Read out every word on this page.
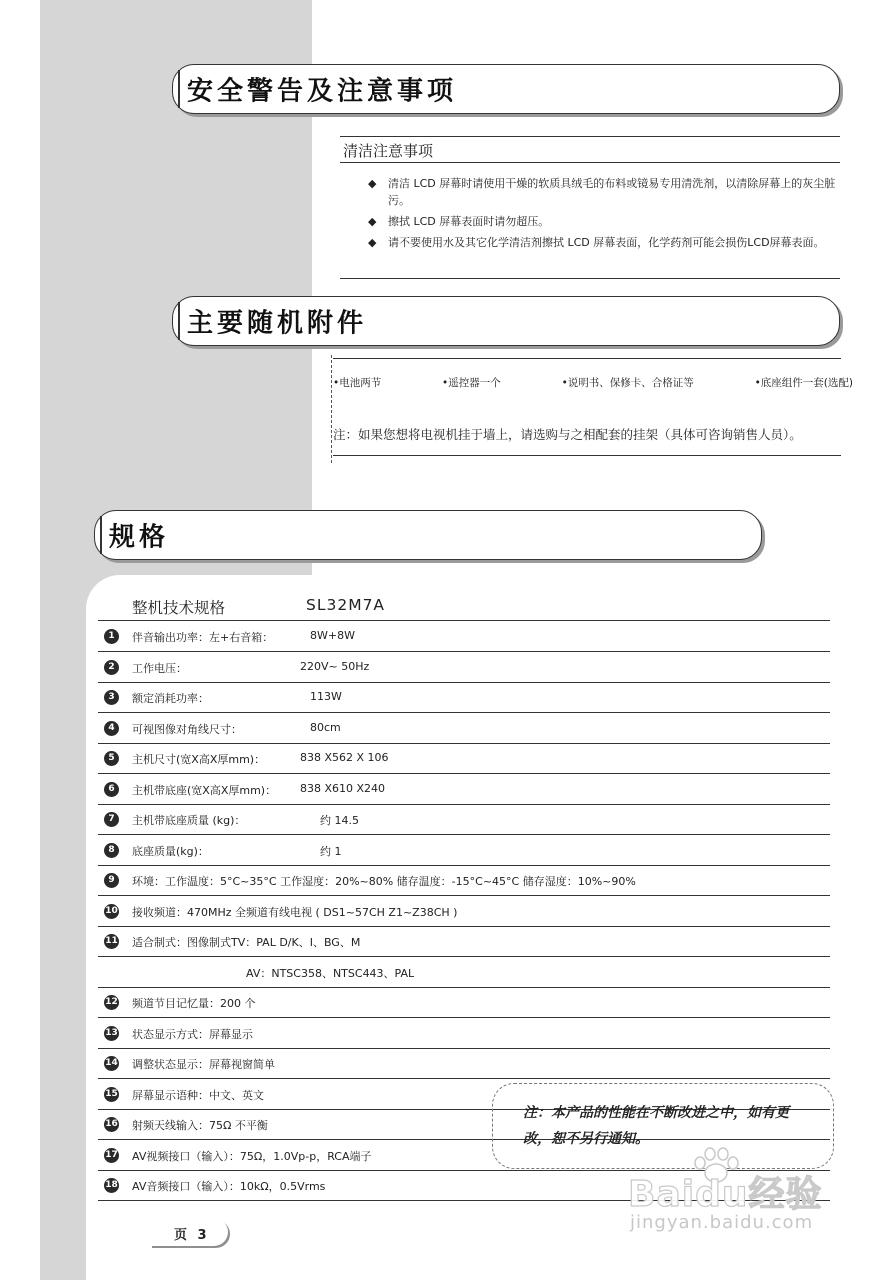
安全警告及注意事项
清洁注意事项
◆ 清洁 LCD 屏幕时请使用干燥的软质具绒毛的布料或镜易专用清洗剂，以清除屏幕上的灰尘脏污。
◆ 擦拭 LCD 屏幕表面时请勿超压。
◆ 请不要使用水及其它化学清洁剂擦拭 LCD 屏幕表面，化学药剂可能会损伤LCD屏幕表面。
主要随机附件
•电池两节	•遥控器一个	•说明书、保修卡、合格证等	•底座组件一套(选配)
注：如果您想将电视机挂于墙上，请选购与之相配套的挂架（具体可咨询销售人员）。
规格
整机技术规格	SL32M7A
1	伴音输出功率：左+右音箱：	8W+8W
2	工作电压：	220V~ 50Hz
3	额定消耗功率：	113W
4	可视图像对角线尺寸：	80cm
5	主机尺寸(宽X高X厚mm)：	838 X562 X 106
6	主机带底座(宽X高X厚mm)： 838 X610 X240
7	主机带底座质量 (kg)：	约 14.5
8	底座质量(kg)：	约 1
9	环境：工作温度：5°C~35°C 工作湿度：20%~80% 储存温度：-15°C~45°C 储存湿度：10%~90%
10 接收频道：470MHz 全频道有线电视 ( DS1~57CH Z1~Z38CH )
11 适合制式：图像制式TV：PAL D/K、I、BG、M
AV：NTSC358、NTSC443、PAL
12 频道节目记忆量：200 个
13 状态显示方式：屏幕显示
14 调整状态显示：屏幕视窗简单
15 屏幕显示语种：中文、英文
16 射频天线输入：75Ω 不平衡
17 AV视频接口（输入）：75Ω，1.0Vp-p，RCA端子
18 AV音频接口（输入）：10kΩ，0.5Vrms
注：本产品的性能在不断改进之中，如有更改，恕不另行通知。
页 3
Baidu经验
jingyan.baidu.com
